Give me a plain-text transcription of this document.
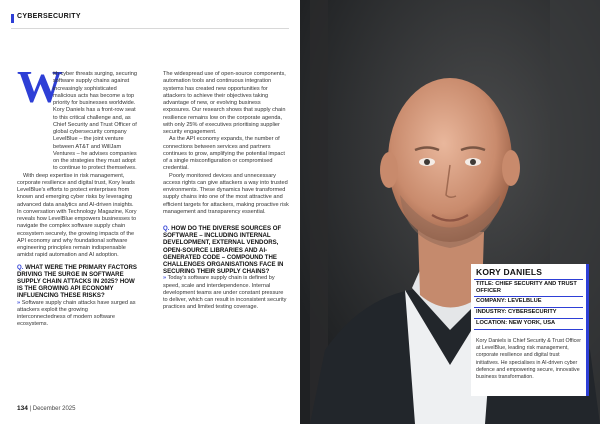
CYBERSECURITY
W

ith cyber threats surging, securing software supply chains against increasingly sophisticated malicious acts has become a top priority for businesses worldwide. Kory Daniels has a front-row seat to this critical challenge and, as Chief Security and Trust Officer of global cybersecurity company LevelBlue – the joint venture between AT&T and WillJam Ventures – he advises companies on the strategies they must adopt to continue to protect themselves.

With deep expertise in risk management, corporate resilience and digital trust, Kory leads LevelBlue's efforts to protect enterprises from known and emerging cyber risks by leveraging advanced data analytics and AI-driven insights. In conversation with Technology Magazine, Kory reveals how LevelBlue empowers businesses to navigate the complex software supply chain ecosystem securely, the growing impacts of the API economy and why foundational software engineering principles remain indispensable amidst rapid automation and AI adoption.

Q. WHAT WERE THE PRIMARY FACTORS DRIVING THE SURGE IN SOFTWARE SUPPLY CHAIN ATTACKS IN 2025? HOW IS THE GROWING API ECONOMY INFLUENCING THESE RISKS?

» Software supply chain attacks have surged as attackers exploit the growing interconnectedness of modern software ecosystems.

The widespread use of open-source components, automation tools and continuous integration systems has created new opportunities for attackers to achieve their objectives taking advantage of new, or evolving business exposures. Our research shows that supply chain resilience remains low on the corporate agenda, with only 25% of executives prioritising supplier security engagement.

As the API economy expands, the number of connections between services and partners continues to grow, amplifying the potential impact of a single misconfiguration or compromised credential.

Poorly monitored devices and unnecessary access rights can give attackers a way into trusted environments. These dynamics have transformed supply chains into one of the most attractive and efficient targets for attackers, making proactive risk management and transparency essential.

Q. HOW DO THE DIVERSE SOURCES OF SOFTWARE – INCLUDING INTERNAL DEVELOPMENT, EXTERNAL VENDORS, OPEN-SOURCE LIBRARIES AND AI-GENERATED CODE – COMPOUND THE CHALLENGES ORGANISATIONS FACE IN SECURING THEIR SUPPLY CHAINS?

» Today's software supply chain is defined by speed, scale and interdependence. Internal development teams are under constant pressure to deliver, which can result in inconsistent security practices and limited testing coverage.

134 | December 2025
KORY DANIELS
TITLE: CHIEF SECURITY AND TRUST OFFICER
COMPANY: LEVELBLUE
INDUSTRY: CYBERSECURITY
LOCATION: NEW YORK, USA
Kory Daniels is Chief Security & Trust Officer at LevelBlue, leading risk management, corporate resilience and digital trust initiatives. He specialises in AI-driven cyber defence and empowering secure, innovative business transformation.
